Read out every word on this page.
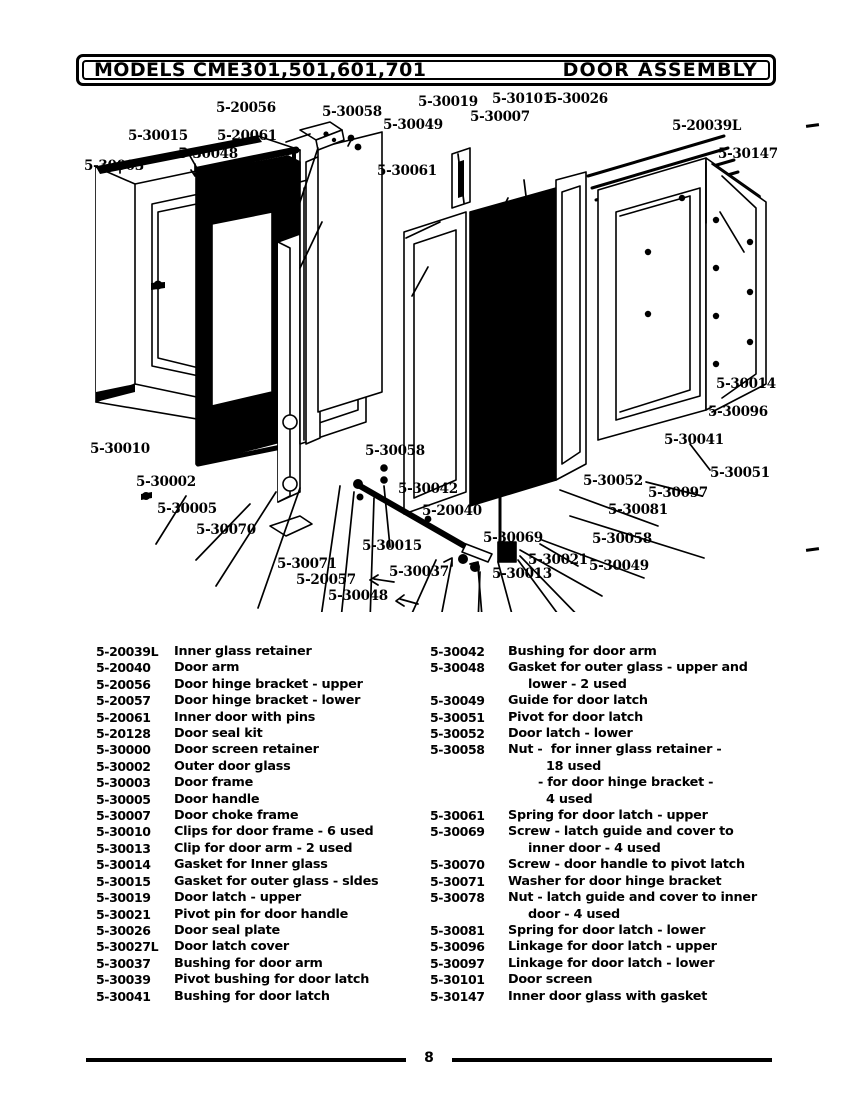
MODELS CME301,501,601,701	DOOR ASSEMBLY
5-20056	5-30058
5-30019 5-30101
5-30026
5-30049 5-30007
5-20039L
5-30015 5-20061
5-30048	5-30147
5-30003	5-30000	5-30061
5-30014
5-30096
5-30041
5-30010	5-30058
5-30051
5-30002	5-30042	5-30052
5-30097
5-30005	5-20040	5-30081
5-30070	5-30069
5-30015	5-30058
5-30071	5-30021 5-30049
5-30037	5-30013
5-20057
5-30048
5-20039L	Inner glass retainer
5-20040	Door arm
5-20056	Door hinge bracket - upper
5-20057	Door hinge bracket - lower
5-20061	Inner door with pins
5-20128	Door seal kit
5-30000	Door screen retainer
5-30002	Outer door glass
5-30003	Door frame
5-30005	Door handle
5-30007	Door choke frame
5-30010	Clips for door frame - 6 used
5-30013	Clip for door arm - 2 used
5-30014	Gasket for Inner glass
5-30015	Gasket for outer glass - sldes
5-30019	Door latch - upper
5-30021	Pivot pin for door handle
5-30026	Door seal plate
5-30027L	Door latch cover
5-30037	Bushing for door arm
5-30039	Pivot bushing for door latch
5-30041	Bushing for door latch
5-30042	Bushing for door arm
5-30048	Gasket for outer glass - upper and
lower - 2 used
5-30049	Guide for door latch
5-30051	Pivot for door latch
5-30052	Door latch - lower
5-30058	Nut -  for inner glass retainer -
18 used
- for door hinge bracket -
4 used
5-30061	Spring for door latch - upper
5-30069	Screw - latch guide and cover to
inner door - 4 used
5-30070	Screw - door handle to pivot latch
5-30071	Washer for door hinge bracket
5-30078	Nut - latch guide and cover to inner
door - 4 used
5-30081	Spring for door latch - lower
5-30096	Linkage for door latch - upper
5-30097	Linkage for door latch - lower
5-30101	Door screen
5-30147	Inner door glass with gasket
8
